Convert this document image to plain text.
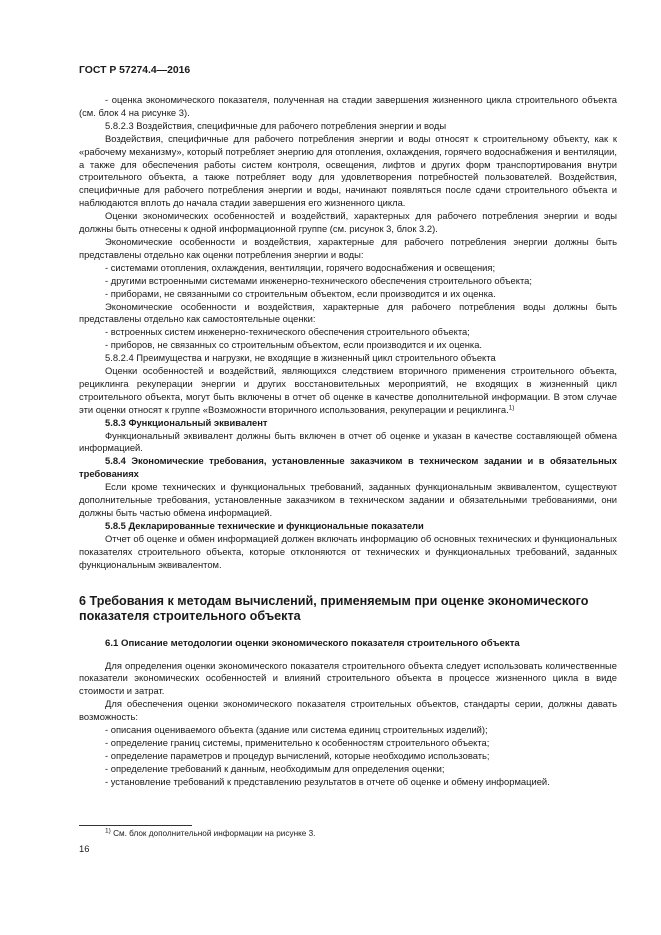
ГОСТ Р 57274.4—2016

- оценка экономического показателя, полученная на стадии завершения жизненного цикла строительного объекта (см. блок 4 на рисунке 3).

5.8.2.3 Воздействия, специфичные для рабочего потребления энергии и воды

Воздействия, специфичные для рабочего потребления энергии и воды относят к строительному объекту, как к «рабочему механизму», который потребляет энергию для отопления, охлаждения, горячего водоснабжения и вентиляции, а также для обеспечения работы систем контроля, освещения, лифтов и других форм транспортирования внутри строительного объекта, а также потребляет воду для удовлетворения потребностей пользователей. Воздействия, специфичные для рабочего потребления энергии и воды, начинают появляться после сдачи строительного объекта и наблюдаются вплоть до начала стадии завершения его жизненного цикла.

Оценки экономических особенностей и воздействий, характерных для рабочего потребления энергии и воды должны быть отнесены к одной информационной группе (см. рисунок 3, блок 3.2).

Экономические особенности и воздействия, характерные для рабочего потребления энергии должны быть представлены отдельно как оценки потребления энергии и воды:

- системами отопления, охлаждения, вентиляции, горячего водоснабжения и освещения;

- другими встроенными системами инженерно-технического обеспечения строительного объекта;

- приборами, не связанными со строительным объектом, если производится и их оценка.

Экономические особенности и воздействия, характерные для рабочего потребления воды должны быть представлены отдельно как самостоятельные оценки:

- встроенных систем инженерно-технического обеспечения строительного объекта;

- приборов, не связанных со строительным объектом, если производится и их оценка.

5.8.2.4 Преимущества и нагрузки, не входящие в жизненный цикл строительного объекта

Оценки особенностей и воздействий, являющихся следствием вторичного применения строительного объекта, рециклинга рекуперации энергии и других восстановительных мероприятий, не входящих в жизненный цикл строительного объекта, могут быть включены в отчет об оценке в качестве дополнительной информации. В этом случае эти оценки относят к группе «Возможности вторичного использования, рекуперации и рециклинга.$^{1)}$

5.8.3 Функциональный эквивалент

Функциональный эквивалент должны быть включен в отчет об оценке и указан в качестве составляющей обмена информацией.

5.8.4 Экономические требования, установленные заказчиком в техническом задании и в обязательных требованиях

Если кроме технических и функциональных требований, заданных функциональным эквивалентом, существуют дополнительные требования, установленные заказчиком в техническом задании и обязательными требованиями, они должны быть частью обмена информацией.

5.8.5 Декларированные технические и функциональные показатели

Отчет об оценке и обмен информацией должен включать информацию об основных технических и функциональных показателях строительного объекта, которые отклоняются от технических и функциональных требований, заданных функциональным эквивалентом.

6 Требования к методам вычислений, применяемым при оценке экономического показателя строительного объекта
6.1 Описание методологии оценки экономического показателя строительного объекта

Для определения оценки экономического показателя строительного объекта следует использовать количественные показатели экономических особенностей и влияний строительного объекта в процессе жизненного цикла в виде стоимости и затрат.

Для обеспечения оценки экономического показателя строительных объектов, стандарты серии, должны давать возможность:

- описания оцениваемого объекта (здание или система единиц строительных изделий);

- определение границ системы, применительно к особенностям строительного объекта;

- определение параметров и процедур вычислений, которые необходимо использовать;

- определение требований к данным, необходимым для определения оценки;

- установление требований к представлению результатов в отчете об оценке и обмену информацией.

$^{1)}$ См. блок дополнительной информации на рисунке 3.
16
